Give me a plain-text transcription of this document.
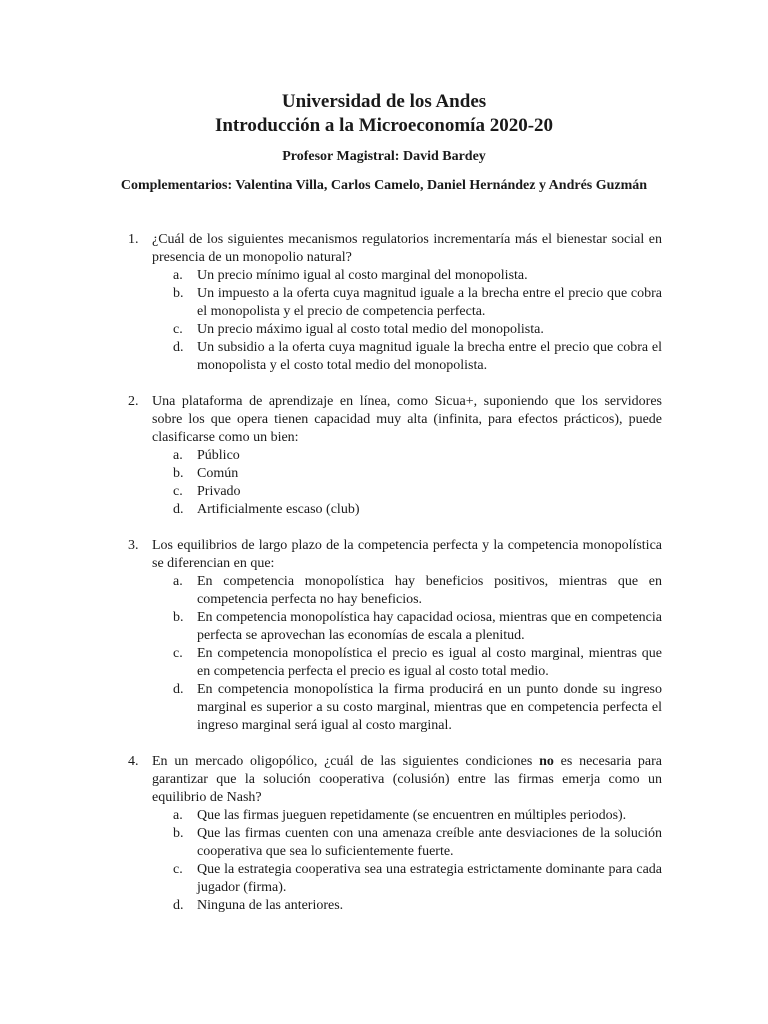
Universidad de los Andes
Introducción a la Microeconomía 2020-20
Profesor Magistral: David Bardey
Complementarios: Valentina Villa, Carlos Camelo, Daniel Hernández y Andrés Guzmán
1. ¿Cuál de los siguientes mecanismos regulatorios incrementaría más el bienestar social en presencia de un monopolio natural?
a. Un precio mínimo igual al costo marginal del monopolista.
b. Un impuesto a la oferta cuya magnitud iguale a la brecha entre el precio que cobra el monopolista y el precio de competencia perfecta.
c. Un precio máximo igual al costo total medio del monopolista.
d. Un subsidio a la oferta cuya magnitud iguale la brecha entre el precio que cobra el monopolista y el costo total medio del monopolista.
2. Una plataforma de aprendizaje en línea, como Sicua+, suponiendo que los servidores sobre los que opera tienen capacidad muy alta (infinita, para efectos prácticos), puede clasificarse como un bien:
a. Público
b. Común
c. Privado
d. Artificialmente escaso (club)
3. Los equilibrios de largo plazo de la competencia perfecta y la competencia monopolística se diferencian en que:
a. En competencia monopolística hay beneficios positivos, mientras que en competencia perfecta no hay beneficios.
b. En competencia monopolística hay capacidad ociosa, mientras que en competencia perfecta se aprovechan las economías de escala a plenitud.
c. En competencia monopolística el precio es igual al costo marginal, mientras que en competencia perfecta el precio es igual al costo total medio.
d. En competencia monopolística la firma producirá en un punto donde su ingreso marginal es superior a su costo marginal, mientras que en competencia perfecta el ingreso marginal será igual al costo marginal.
4. En un mercado oligopólico, ¿cuál de las siguientes condiciones no es necesaria para garantizar que la solución cooperativa (colusión) entre las firmas emerja como un equilibrio de Nash?
a. Que las firmas jueguen repetidamente (se encuentren en múltiples periodos).
b. Que las firmas cuenten con una amenaza creíble ante desviaciones de la solución cooperativa que sea lo suficientemente fuerte.
c. Que la estrategia cooperativa sea una estrategia estrictamente dominante para cada jugador (firma).
d. Ninguna de las anteriores.
